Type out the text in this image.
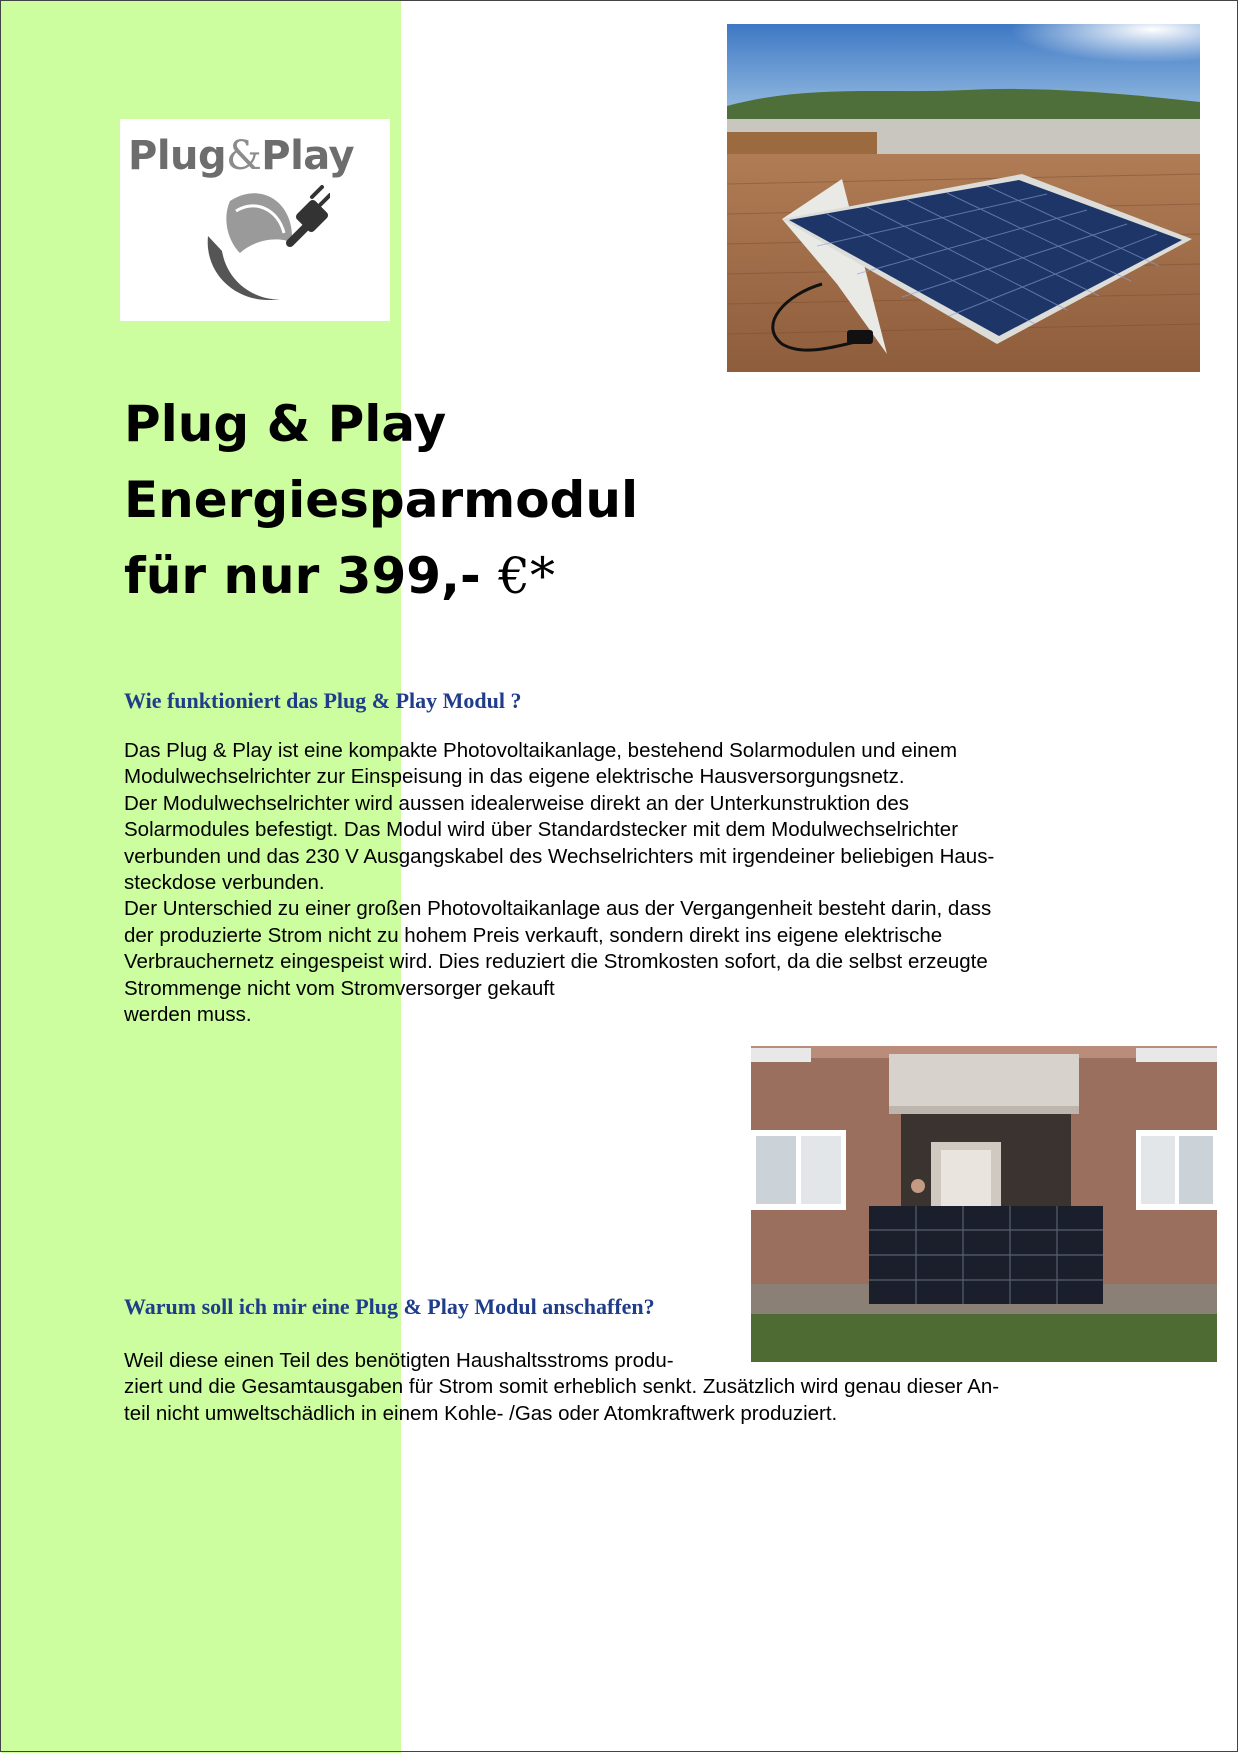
Plug&Play
Plug & Play
Energiesparmodul
für nur 399,- €*
Wie funktioniert das Plug & Play Modul ?
Das Plug & Play ist eine kompakte Photovoltaikanlage, bestehend Solarmodulen und einem
Modulwechselrichter zur Einspeisung in das eigene elektrische Hausversorgungsnetz.
Der Modulwechselrichter wird aussen idealerweise direkt an der Unterkunstruktion des
Solarmodules befestigt. Das Modul wird über Standardstecker mit dem Modulwechselrichter
verbunden und das 230 V Ausgangskabel des Wechselrichters mit irgendeiner beliebigen Haus-
steckdose verbunden.
Der Unterschied zu einer großen Photovoltaikanlage aus der Vergangenheit besteht darin, dass
der produzierte Strom nicht zu hohem Preis verkauft, sondern direkt ins eigene elektrische
Verbrauchernetz eingespeist wird. Dies reduziert die Stromkosten sofort, da die selbst erzeugte
Strommenge nicht vom Stromversorger gekauft
werden muss.
Warum soll ich mir eine Plug & Play Modul anschaffen?
Weil diese einen Teil des benötigten Haushaltsstroms produ-
ziert und die Gesamtausgaben für Strom somit erheblich senkt. Zusätzlich wird genau dieser An-
teil nicht umweltschädlich in einem Kohle- /Gas oder Atomkraftwerk produziert.
